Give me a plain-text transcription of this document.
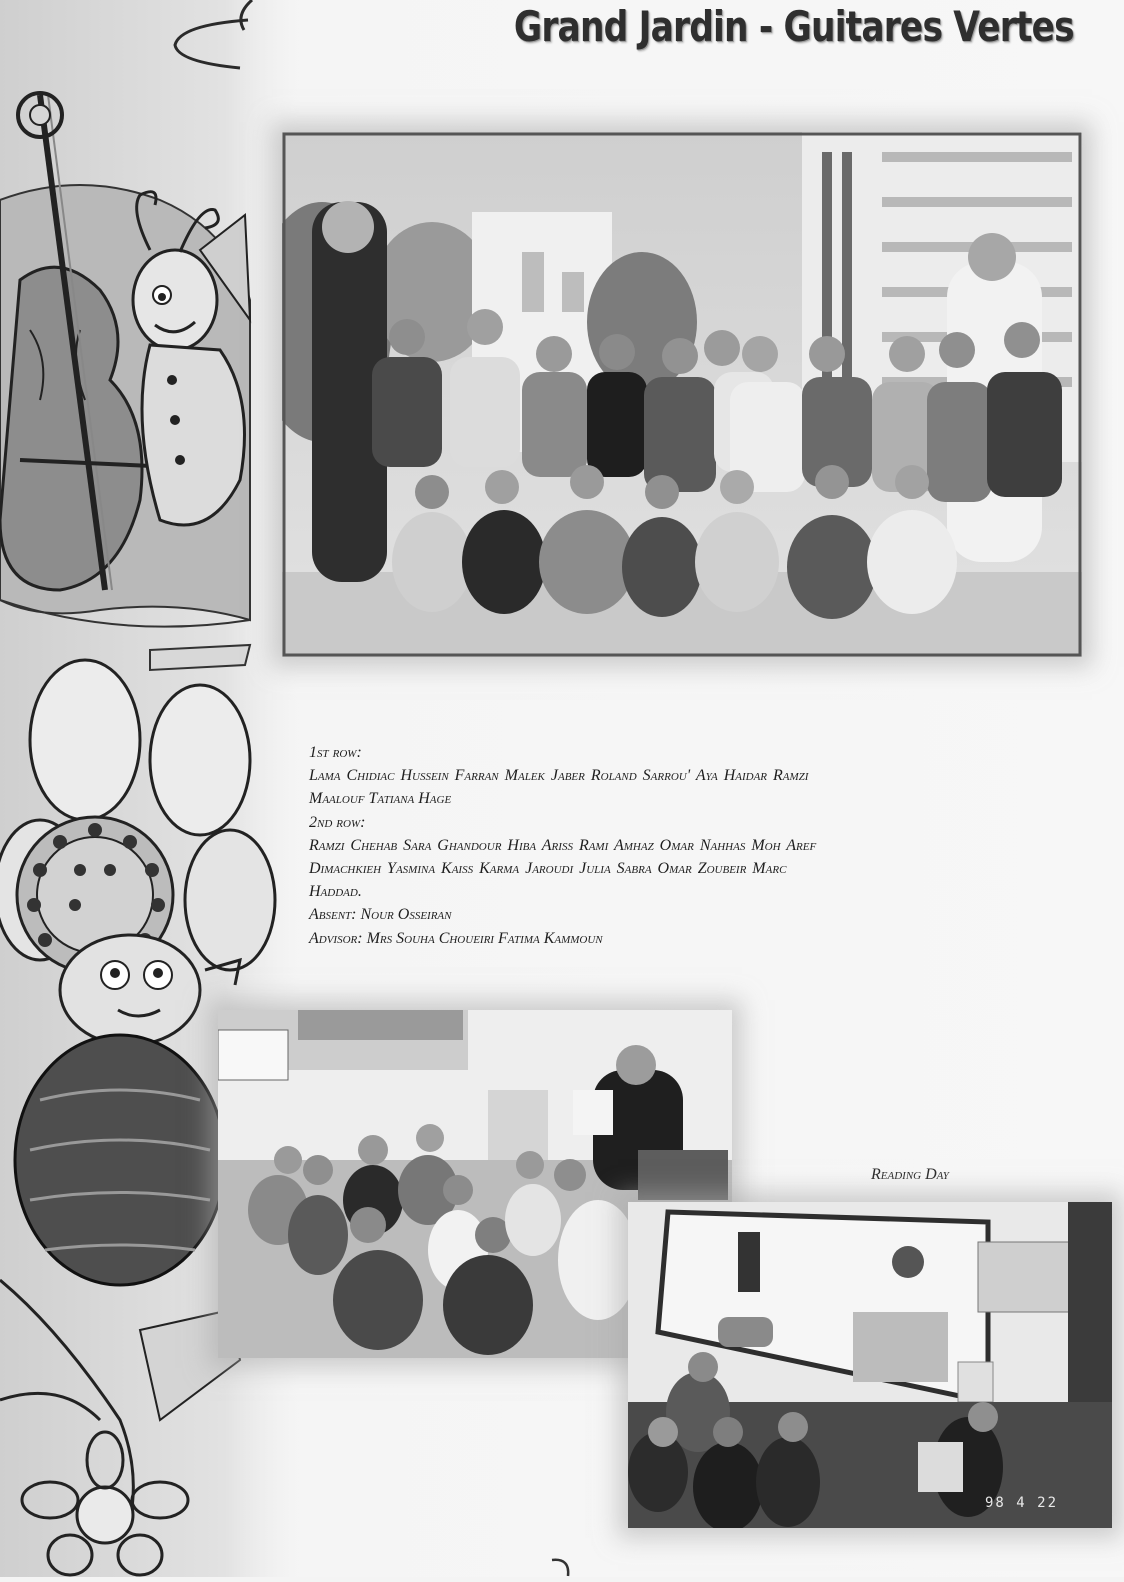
Grand Jardin - Guitares Vertes
1st row:
Lama Chidiac Hussein Farran Malek Jaber Roland Sarrou' Aya Haidar Ramzi
Maalouf Tatiana Hage
2nd row:
Ramzi Chehab Sara Ghandour Hiba Ariss Rami Amhaz Omar Nahhas Moh Aref
Dimachkieh Yasmina Kaiss Karma Jaroudi Julia Sabra Omar Zoubeir Marc
Haddad.
Absent: Nour Osseiran
Advisor: Mrs Souha Choueiri Fatima Kammoun
Reading Day
98 4 22
